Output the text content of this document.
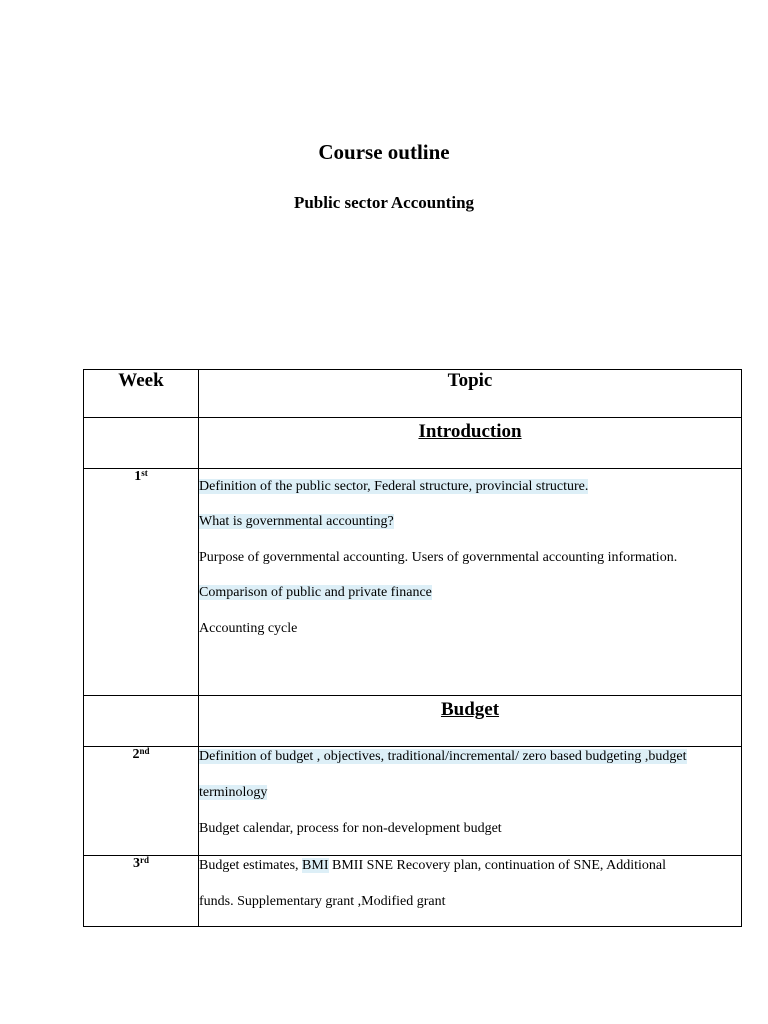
Course outline
Public sector Accounting
Week	Topic
	Introduction
1st	Definition of the public sector, Federal structure, provincial structure.

What is governmental accounting?

Purpose of governmental accounting. Users of governmental accounting information.

Comparison of public and private finance

Accounting cycle

	Budget
2nd	Definition of budget , objectives, traditional/incremental/ zero based budgeting ,budget

terminology

Budget calendar, process for non-development budget

3rd	Budget estimates, BMI BMII SNE Recovery plan, continuation of SNE, Additional

funds. Supplementary grant ,Modified grant
